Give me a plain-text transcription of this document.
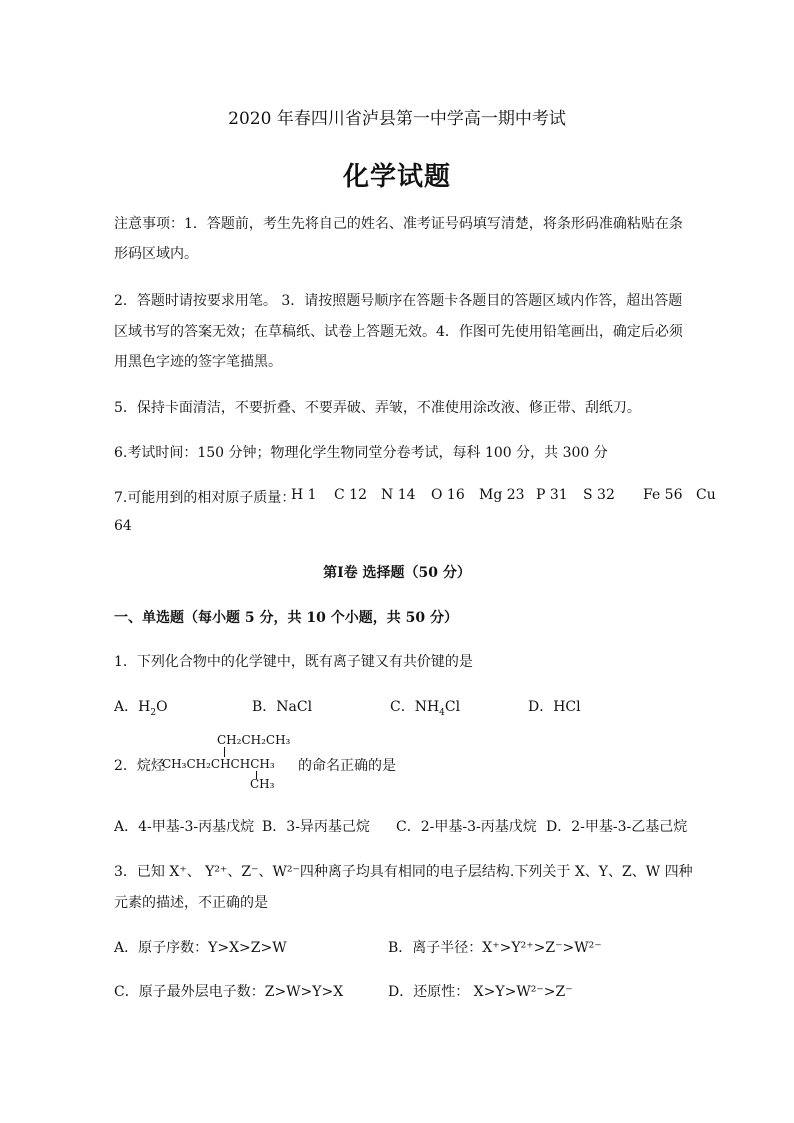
2020 年春四川省泸县第一中学高一期中考试
化学试题
注意事项：1．答题前，考生先将自己的姓名、准考证号码填写清楚，将条形码准确粘贴在条
形码区域内。
2．答题时请按要求用笔。 3．请按照题号顺序在答题卡各题目的答题区域内作答，超出答题
区域书写的答案无效；在草稿纸、试卷上答题无效。4．作图可先使用铅笔画出，确定后必须
用黑色字迹的签字笔描黑。
5．保持卡面清洁，不要折叠、不要弄破、弄皱，不准使用涂改液、修正带、刮纸刀。
6.考试时间：150 分钟；物理化学生物同堂分卷考试，每科 100 分，共 300 分
7.可能用到的相对原子质量：
H 1 C 12 N 14 O 16 Mg 23 P 31 S 32 Fe 56 Cu
64
第Ⅰ卷 选择题（50 分）
一、单选题（每小题 5 分，共 10 个小题，共 50 分）
1．下列化合物中的化学键中，既有离子键又有共价键的是
A．$H_2O$	B．NaCl	C．$NH_4Cl$	D．HCl
2．烷烃
CH₂CH₂CH₃
CH₃CH₂CHCHCH₃
CH₃
的命名正确的是
A．4-甲基-3-丙基戊烷 B．3-异丙基己烷 C．2-甲基-3-丙基戊烷 D．2-甲基-3-乙基己烷
3．已知 X⁺、 Y²⁺、Z⁻、W²⁻四种离子均具有相同的电子层结构.下列关于 X、Y、Z、W 四种
元素的描述，不正确的是
A．原子序数：Y>X>Z>W	B．离子半径：X⁺>Y²⁺>Z⁻>W²⁻
C．原子最外层电子数：Z>W>Y>X	D．还原性： X>Y>W²⁻>Z⁻
